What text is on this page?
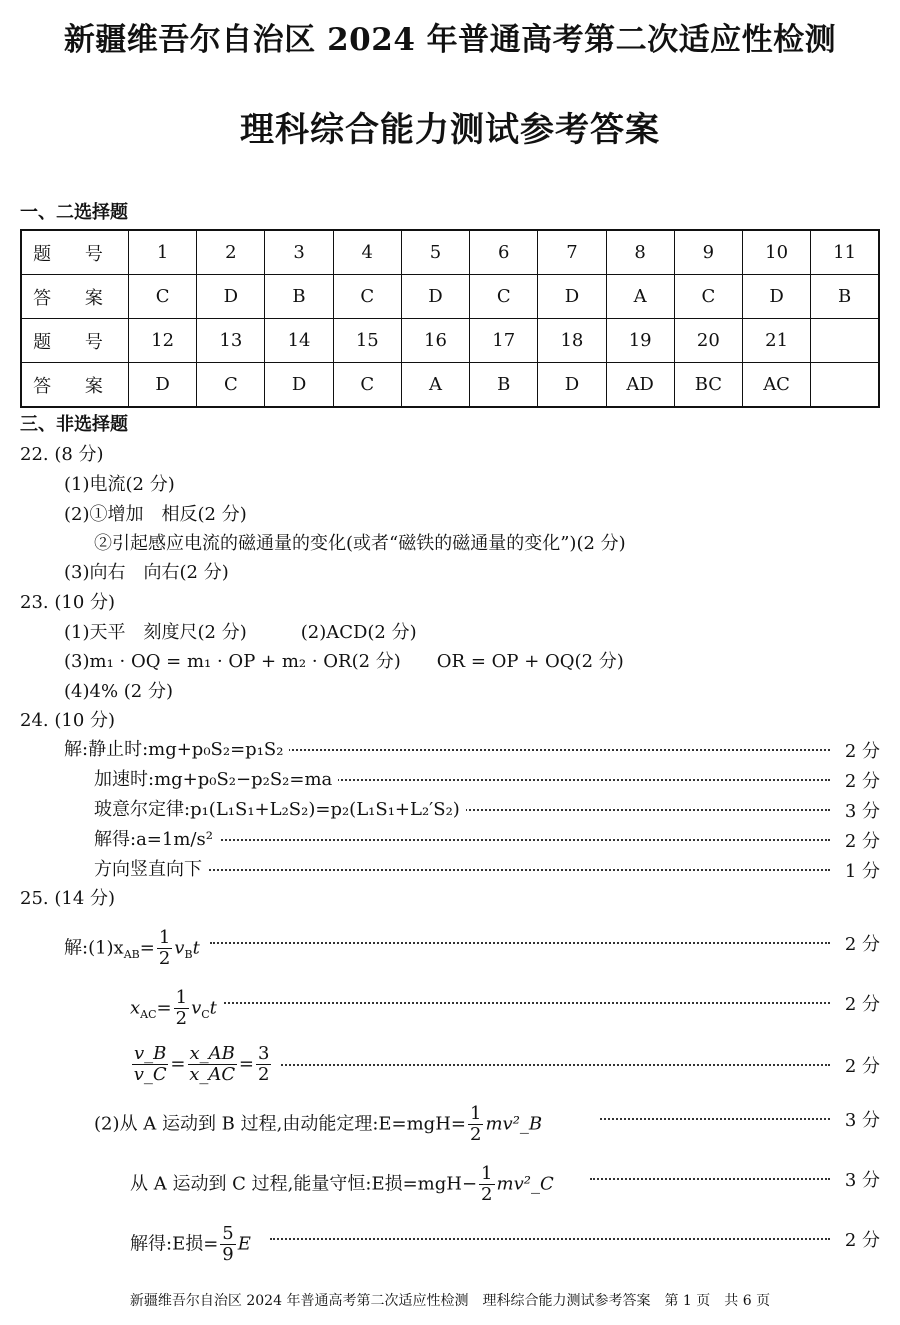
新疆维吾尔自治区 2024 年普通高考第二次适应性检测
理科综合能力测试参考答案
一、二选择题
题 号	1	2	3	4	5	6	7	8	9	10	11
答 案	C	D	B	C	D	C	D	A	C	D	B
题 号	12	13	14	15	16	17	18	19	20	21	
答 案	D	C	D	C	A	B	D	AD	BC	AC	
三、非选择题
22. (8 分)
(1)电流(2 分)
(2)①增加　相反(2 分)
②引起感应电流的磁通量的变化(或者“磁铁的磁通量的变化”)(2 分)
(3)向右　向右(2 分)
23. (10 分)
(1)天平　刻度尺(2 分)　　　(2)ACD(2 分)
(3)m₁ · OQ = m₁ · OP + m₂ · OR(2 分)　　OR = OP + OQ(2 分)
(4)4% (2 分)
24. (10 分)
解:静止时:mg+p₀S₂=p₁S₂	2 分
加速时:mg+p₀S₂−p₂S₂=ma	2 分
玻意尔定律:p₁(L₁S₁+L₂S₂)=p₂(L₁S₁+L₂′S₂)	3 分
解得:a=1m/s²	2 分
方向竖直向下	1 分
25. (14 分)
解$:(1)x_{AB}= \frac{1}{2} v_Bt$	2 分
$x_{AC}= \frac{1}{2} v_Ct$	2 分
$\frac{v\_B}{v\_C} = \frac{x\_AB}{x\_AC} = \frac{3}{2}$	2 分
(2)从 A 运动到 B 过程,由动能定理:E=mgH= $\frac{1}{2}$ mv²_B	3 分
从 A 运动到 C 过程,能量守恒:E损$=mgH- \frac{1}{2}$ mv²_C	3 分
解得:E损= $\frac{5}{9}$ E	2 分
新疆维吾尔自治区 2024 年普通高考第二次适应性检测　理科综合能力测试参考答案　第 1 页　共 6 页
